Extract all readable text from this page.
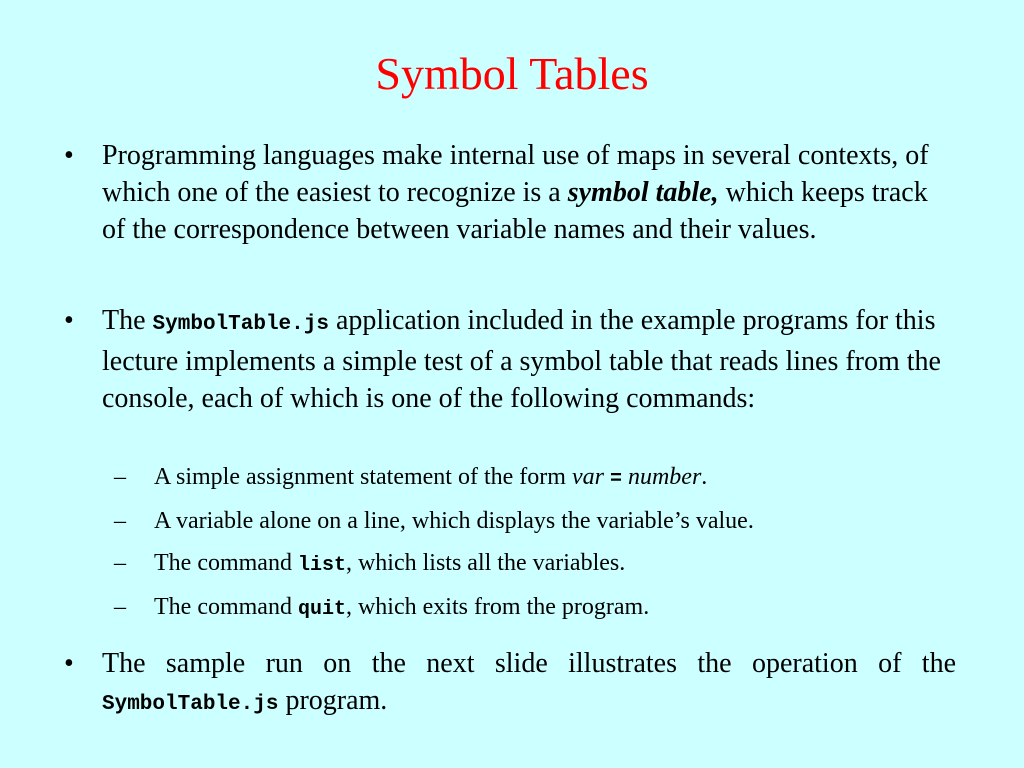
Symbol Tables
• Programming languages make internal use of maps in several contexts, of which one of the easiest to recognize is a symbol table, which keeps track of the correspondence between variable names and their values.
• The SymbolTable.js application included in the example programs for this lecture implements a simple test of a symbol table that reads lines from the console, each of which is one of the following commands:
– A simple assignment statement of the form var = number.
– A variable alone on a line, which displays the variable’s value.
– The command list, which lists all the variables.
– The command quit, which exits from the program.
• The sample run on the next slide illustrates the operation of the SymbolTable.js program.
